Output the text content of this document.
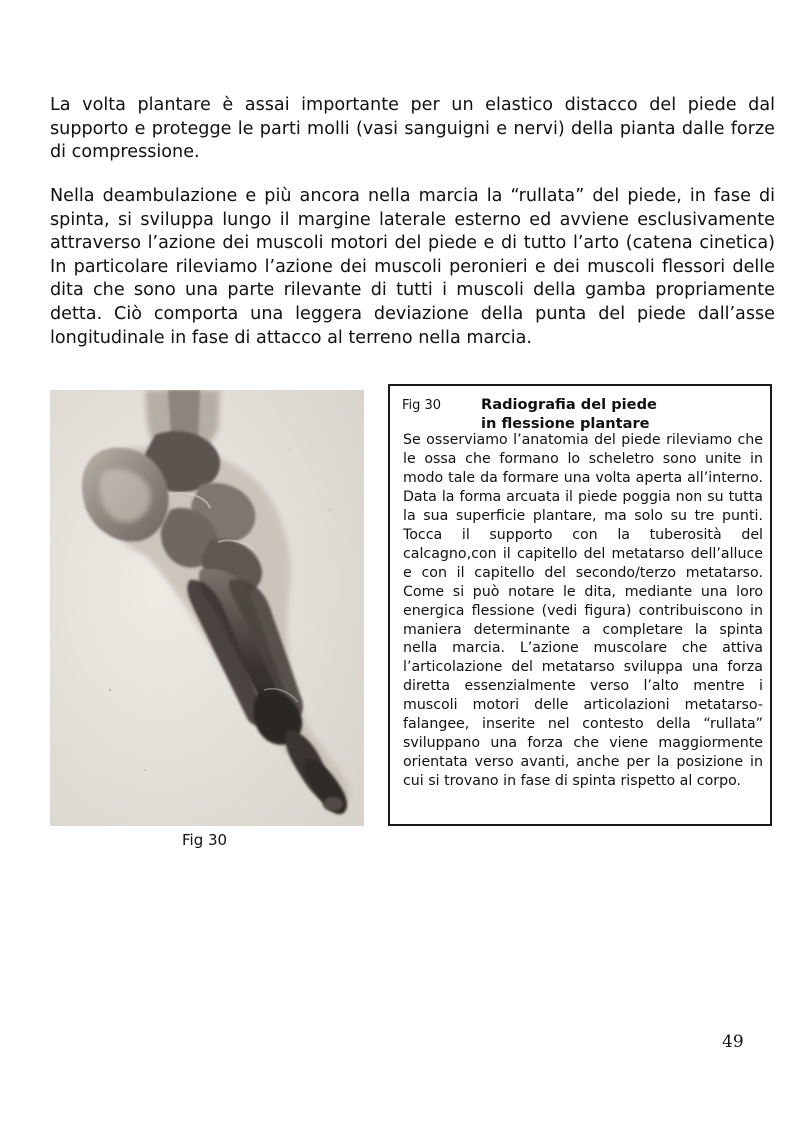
La volta plantare è assai importante per un elastico distacco del piede dal supporto e protegge le parti molli (vasi sanguigni e nervi) della pianta dalle forze di compressione.

Nella deambulazione e più ancora nella marcia la “rullata” del piede, in fase di spinta, si sviluppa lungo il margine laterale esterno ed avviene esclusivamente attraverso l’azione dei muscoli motori del piede e di tutto l’arto (catena cinetica) In particolare rileviamo l’azione dei muscoli peronieri e dei muscoli flessori delle dita che sono una parte rilevante di tutti i muscoli della gamba propriamente detta. Ciò comporta una leggera deviazione della punta del piede dall’asse longitudinale in fase di attacco al terreno nella marcia.

Fig 30

Fig 30	Radiografia del piede
in flessione plantare

Se osserviamo l’anatomia del piede rileviamo che le ossa che formano lo scheletro sono unite in modo tale da formare una volta aperta all’interno. Data la forma arcuata il piede poggia non su tutta la sua superficie plantare, ma solo su tre punti. Tocca il supporto con la tuberosità del calcagno,con il capitello del metatarso dell’alluce e con il capitello del secondo/terzo metatarso. Come si può notare le dita, mediante una loro energica flessione (vedi figura) contribuiscono in maniera determinante a completare la spinta nella marcia. L’azione muscolare che attiva l’articolazione del metatarso sviluppa una forza diretta essenzialmente verso l’alto mentre i muscoli motori delle articolazioni metatarso-falangee, inserite nel contesto della “rullata” sviluppano una forza che viene maggiormente orientata verso avanti, anche per la posizione in cui si trovano in fase di spinta rispetto al corpo.

49
